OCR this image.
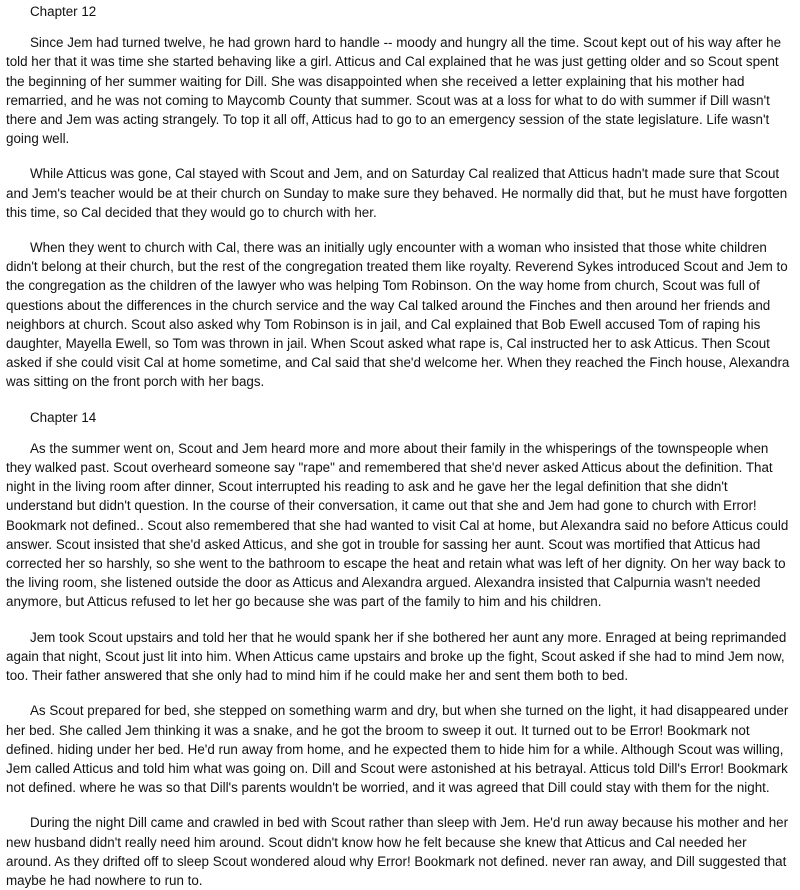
Chapter 12

Since Jem had turned twelve, he had grown hard to handle -- moody and hungry all the time. Scout kept out of his way after he told her that it was time she started behaving like a girl. Atticus and Cal explained that he was just getting older and so Scout spent the beginning of her summer waiting for Dill. She was disappointed when she received a letter explaining that his mother had remarried, and he was not coming to Maycomb County that summer. Scout was at a loss for what to do with summer if Dill wasn't there and Jem was acting strangely. To top it all off, Atticus had to go to an emergency session of the state legislature. Life wasn't going well.

While Atticus was gone, Cal stayed with Scout and Jem, and on Saturday Cal realized that Atticus hadn't made sure that Scout and Jem's teacher would be at their church on Sunday to make sure they behaved. He normally did that, but he must have forgotten this time, so Cal decided that they would go to church with her.

When they went to church with Cal, there was an initially ugly encounter with a woman who insisted that those white children didn't belong at their church, but the rest of the congregation treated them like royalty. Reverend Sykes introduced Scout and Jem to the congregation as the children of the lawyer who was helping Tom Robinson. On the way home from church, Scout was full of questions about the differences in the church service and the way Cal talked around the Finches and then around her friends and neighbors at church. Scout also asked why Tom Robinson is in jail, and Cal explained that Bob Ewell accused Tom of raping his daughter, Mayella Ewell, so Tom was thrown in jail. When Scout asked what rape is, Cal instructed her to ask Atticus. Then Scout asked if she could visit Cal at home sometime, and Cal said that she'd welcome her. When they reached the Finch house, Alexandra was sitting on the front porch with her bags.

Chapter 14

As the summer went on, Scout and Jem heard more and more about their family in the whisperings of the townspeople when they walked past. Scout overheard someone say "rape" and remembered that she'd never asked Atticus about the definition. That night in the living room after dinner, Scout interrupted his reading to ask and he gave her the legal definition that she didn't understand but didn't question. In the course of their conversation, it came out that she and Jem had gone to church with Error! Bookmark not defined.. Scout also remembered that she had wanted to visit Cal at home, but Alexandra said no before Atticus could answer. Scout insisted that she'd asked Atticus, and she got in trouble for sassing her aunt. Scout was mortified that Atticus had corrected her so harshly, so she went to the bathroom to escape the heat and retain what was left of her dignity. On her way back to the living room, she listened outside the door as Atticus and Alexandra argued. Alexandra insisted that Calpurnia wasn't needed anymore, but Atticus refused to let her go because she was part of the family to him and his children.

Jem took Scout upstairs and told her that he would spank her if she bothered her aunt any more. Enraged at being reprimanded again that night, Scout just lit into him. When Atticus came upstairs and broke up the fight, Scout asked if she had to mind Jem now, too. Their father answered that she only had to mind him if he could make her and sent them both to bed.

As Scout prepared for bed, she stepped on something warm and dry, but when she turned on the light, it had disappeared under her bed. She called Jem thinking it was a snake, and he got the broom to sweep it out. It turned out to be Error! Bookmark not defined. hiding under her bed. He'd run away from home, and he expected them to hide him for a while. Although Scout was willing, Jem called Atticus and told him what was going on. Dill and Scout were astonished at his betrayal. Atticus told Dill's Error! Bookmark not defined. where he was so that Dill's parents wouldn't be worried, and it was agreed that Dill could stay with them for the night.

During the night Dill came and crawled in bed with Scout rather than sleep with Jem. He'd run away because his mother and her new husband didn't really need him around. Scout didn't know how he felt because she knew that Atticus and Cal needed her around. As they drifted off to sleep Scout wondered aloud why Error! Bookmark not defined. never ran away, and Dill suggested that maybe he had nowhere to run to.
